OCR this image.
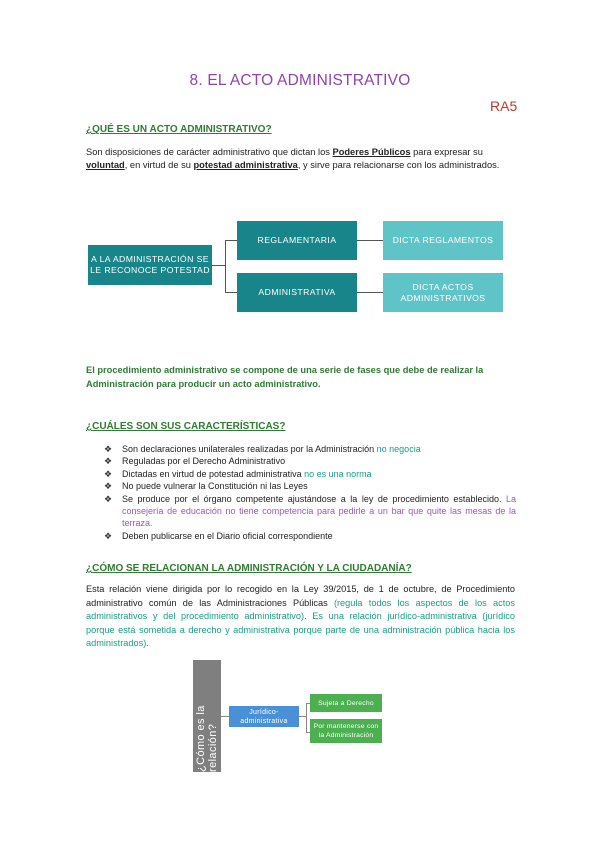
8. EL ACTO ADMINISTRATIVO
RA5
¿QUÉ ES UN ACTO ADMINISTRATIVO?
Son disposiciones de carácter administrativo que dictan los Poderes Públicos para expresar su voluntad, en virtud de su potestad administrativa, y sirve para relacionarse con los administrados.
A LA ADMINISTRACIÓN SE LE RECONOCE POTESTAD
REGLAMENTARIA	DICTA REGLAMENTOS
ADMINISTRATIVA
DICTA ACTOS ADMINISTRATIVOS
El procedimiento administrativo se compone de una serie de fases que debe de realizar la Administración para producir un acto administrativo.
¿CUÁLES SON SUS CARACTERÍSTICAS?
❖ Son declaraciones unilaterales realizadas por la Administración no negocia
❖ Reguladas por el Derecho Administrativo
❖ Dictadas en virtud de potestad administrativa no es una norma
❖ No puede vulnerar la Constitución ni las Leyes
❖ Se produce por el órgano competente ajustándose a la ley de procedimiento establecido. La consejería de educación no tiene competencia para pedirle a un bar que quite las mesas de la terraza.
❖ Deben publicarse en el Diario oficial correspondiente
¿CÓMO SE RELACIONAN LA ADMINISTRACIÓN Y LA CIUDADANÍA?
Esta relación viene dirigida por lo recogido en la Ley 39/2015, de 1 de octubre, de Procedimiento administrativo común de las Administraciones Públicas (regula todos los aspectos de los actos administrativos y del procedimiento administrativo). Es una relación jurídico-administrativa (jurídico porque está sometida a derecho y administrativa porque parte de una administración pública hacia los administrados).
¿Cómo es la relación?
Jurídico-administrativa
Sujeta a Derecho
Por mantenerse con la Administración
